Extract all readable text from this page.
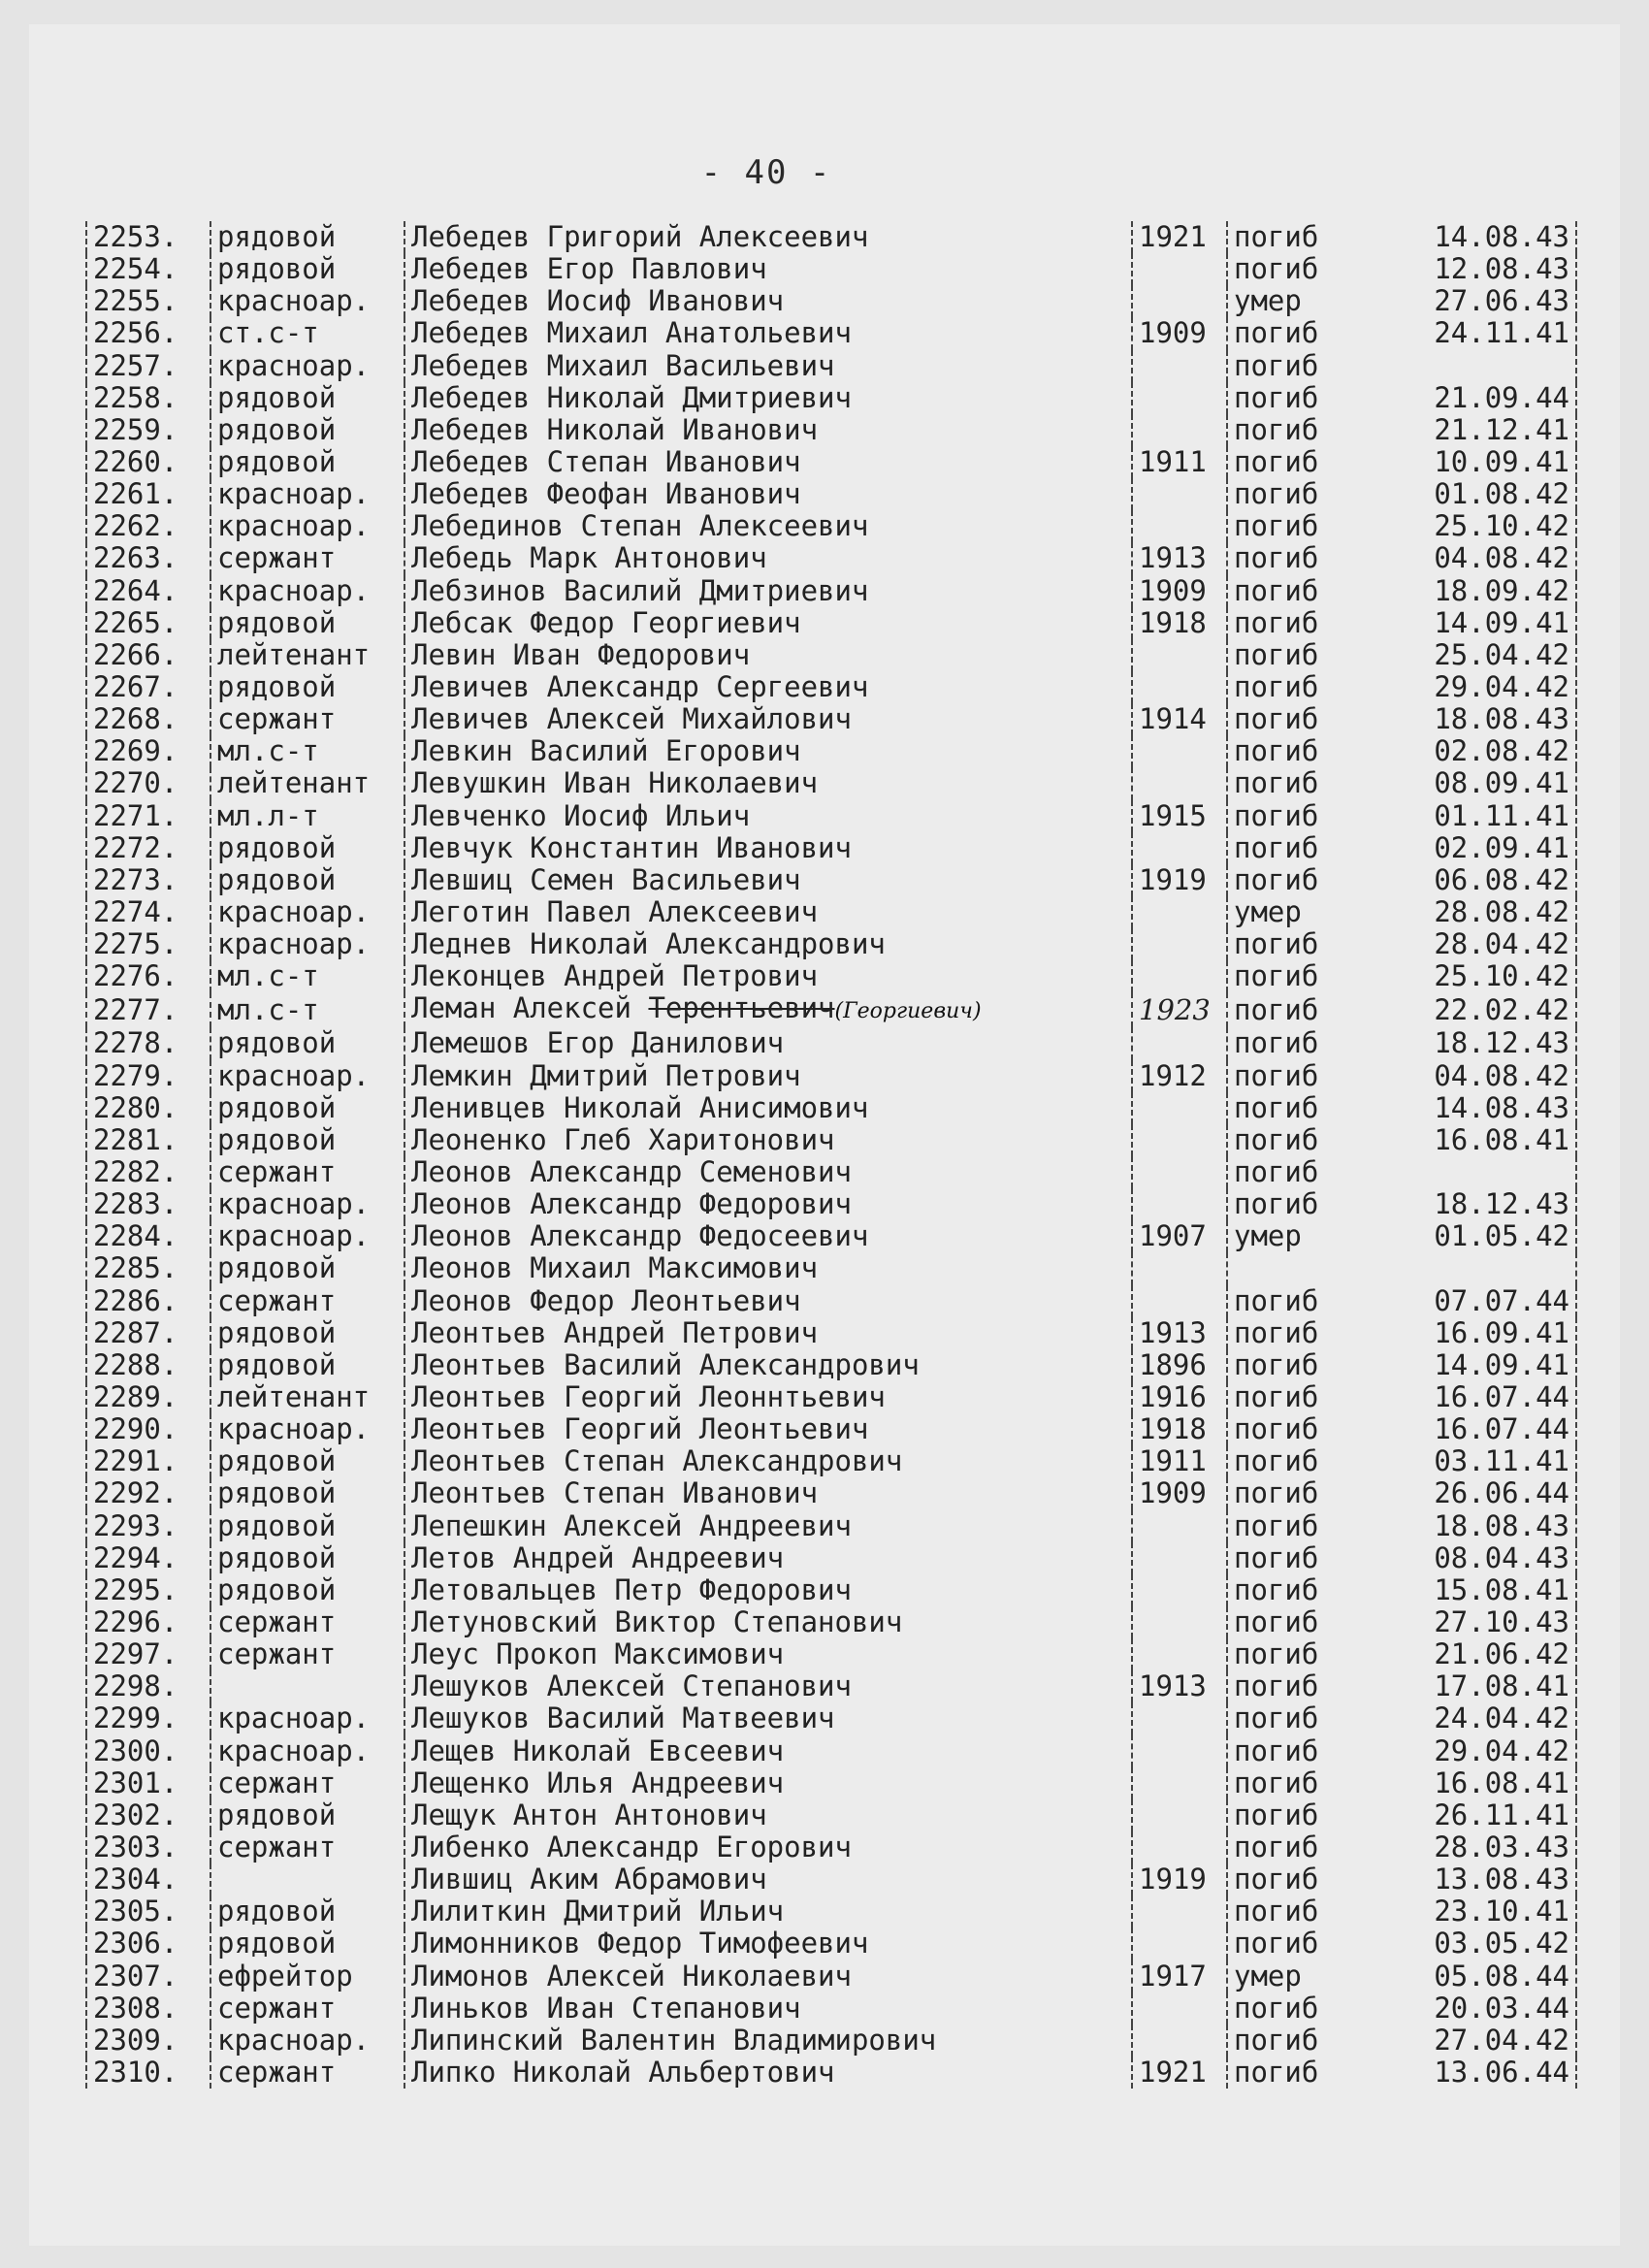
- 40 -
2253.	рядовой	Лебедев Григорий Алексеевич	1921	погиб	14.08.43
2254.	рядовой	Лебедев Егор Павлович		погиб	12.08.43
2255.	красноар.	Лебедев Иосиф Иванович		умер	27.06.43
2256.	ст.с-т	Лебедев Михаил Анатольевич	1909	погиб	24.11.41
2257.	красноар.	Лебедев Михаил Васильевич		погиб	
2258.	рядовой	Лебедев Николай Дмитриевич		погиб	21.09.44
2259.	рядовой	Лебедев Николай Иванович		погиб	21.12.41
2260.	рядовой	Лебедев Степан Иванович	1911	погиб	10.09.41
2261.	красноар.	Лебедев Феофан Иванович		погиб	01.08.42
2262.	красноар.	Лебединов Степан Алексеевич		погиб	25.10.42
2263.	сержант	Лебедь Марк Антонович	1913	погиб	04.08.42
2264.	красноар.	Лебзинов Василий Дмитриевич	1909	погиб	18.09.42
2265.	рядовой	Лебсак Федор Георгиевич	1918	погиб	14.09.41
2266.	лейтенант	Левин Иван Федорович		погиб	25.04.42
2267.	рядовой	Левичев Александр Сергеевич		погиб	29.04.42
2268.	сержант	Левичев Алексей Михайлович	1914	погиб	18.08.43
2269.	мл.с-т	Левкин Василий Егорович		погиб	02.08.42
2270.	лейтенант	Левушкин Иван Николаевич		погиб	08.09.41
2271.	мл.л-т	Левченко Иосиф Ильич	1915	погиб	01.11.41
2272.	рядовой	Левчук Константин Иванович		погиб	02.09.41
2273.	рядовой	Левшиц Семен Васильевич	1919	погиб	06.08.42
2274.	красноар.	Леготин Павел Алексеевич		умер	28.08.42
2275.	красноар.	Леднев Николай Александрович		погиб	28.04.42
2276.	мл.с-т	Леконцев Андрей Петрович		погиб	25.10.42
2277.	мл.с-т	Леман Алексей Терентьевич(Георгиевич)	1923	погиб	22.02.42
2278.	рядовой	Лемешов Егор Данилович		погиб	18.12.43
2279.	красноар.	Лемкин Дмитрий Петрович	1912	погиб	04.08.42
2280.	рядовой	Ленивцев Николай Анисимович		погиб	14.08.43
2281.	рядовой	Леоненко Глеб Харитонович		погиб	16.08.41
2282.	сержант	Леонов Александр Семенович		погиб	
2283.	красноар.	Леонов Александр Федорович		погиб	18.12.43
2284.	красноар.	Леонов Александр Федосеевич	1907	умер	01.05.42
2285.	рядовой	Леонов Михаил Максимович			
2286.	сержант	Леонов Федор Леонтьевич		погиб	07.07.44
2287.	рядовой	Леонтьев Андрей Петрович	1913	погиб	16.09.41
2288.	рядовой	Леонтьев Василий Александрович	1896	погиб	14.09.41
2289.	лейтенант	Леонтьев Георгий Леоннтьевич	1916	погиб	16.07.44
2290.	красноар.	Леонтьев Георгий Леонтьевич	1918	погиб	16.07.44
2291.	рядовой	Леонтьев Степан Александрович	1911	погиб	03.11.41
2292.	рядовой	Леонтьев Степан Иванович	1909	погиб	26.06.44
2293.	рядовой	Лепешкин Алексей Андреевич		погиб	18.08.43
2294.	рядовой	Летов Андрей Андреевич		погиб	08.04.43
2295.	рядовой	Летовальцев Петр Федорович		погиб	15.08.41
2296.	сержант	Летуновский Виктор Степанович		погиб	27.10.43
2297.	сержант	Леус Прокоп Максимович		погиб	21.06.42
2298.		Лешуков Алексей Степанович	1913	погиб	17.08.41
2299.	красноар.	Лешуков Василий Матвеевич		погиб	24.04.42
2300.	красноар.	Лещев Николай Евсеевич		погиб	29.04.42
2301.	сержант	Лещенко Илья Андреевич		погиб	16.08.41
2302.	рядовой	Лещук Антон Антонович		погиб	26.11.41
2303.	сержант	Либенко Александр Егорович		погиб	28.03.43
2304.		Лившиц Аким Абрамович	1919	погиб	13.08.43
2305.	рядовой	Лилиткин Дмитрий Ильич		погиб	23.10.41
2306.	рядовой	Лимонников Федор Тимофеевич		погиб	03.05.42
2307.	ефрейтор	Лимонов Алексей Николаевич	1917	умер	05.08.44
2308.	сержант	Линьков Иван Степанович		погиб	20.03.44
2309.	красноар.	Липинский Валентин Владимирович		погиб	27.04.42
2310.	сержант	Липко Николай Альбертович	1921	погиб	13.06.44
